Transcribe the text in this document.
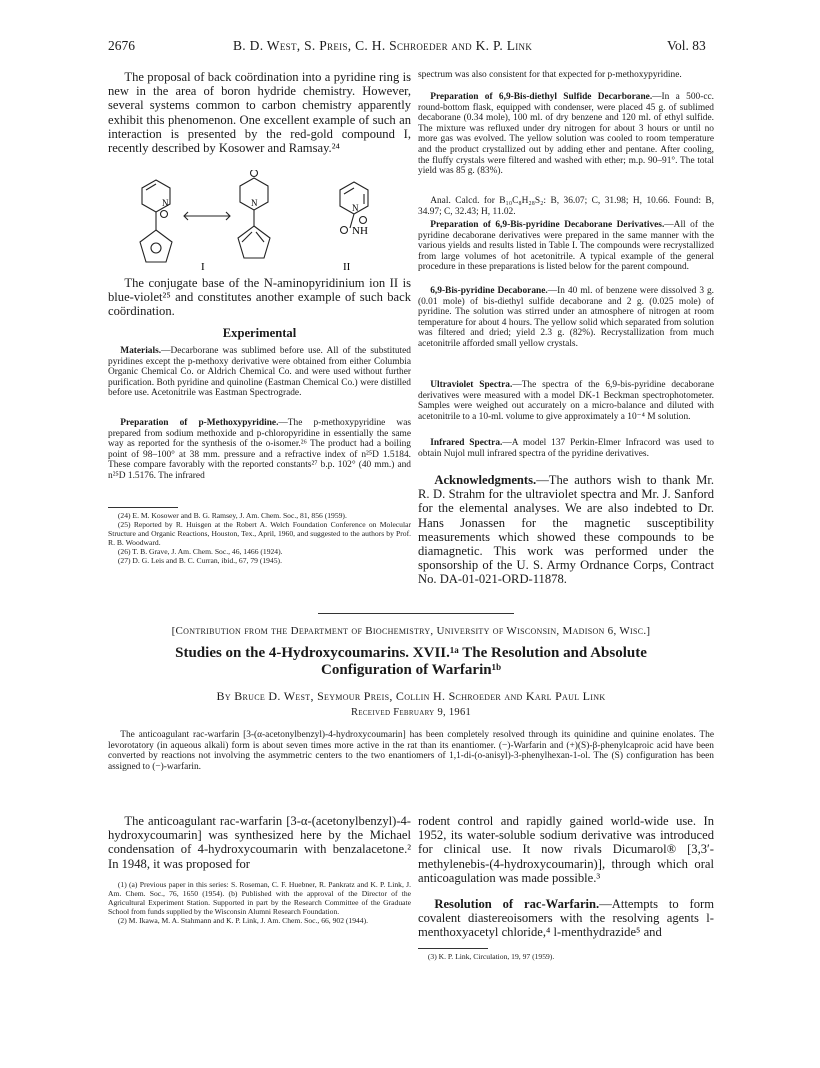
2676	B. D. West, S. Preis, C. H. Schroeder and K. P. Link	Vol. 83

The proposal of back coördination into a pyridine ring is new in the area of boron hydride chemistry. However, several systems common to carbon chemistry apparently exhibit this phenomenon. One excellent example of such an interaction is presented by the red-gold compound I, recently described by Kosower and Ramsay.²⁴

N	N	N
NH
I	II

The conjugate base of the N-aminopyridinium ion II is blue-violet²⁵ and constitutes another example of such back coördination.

Experimental

Materials.—Decarborane was sublimed before use. All of the substituted pyridines except the p-methoxy derivative were obtained from either Columbia Organic Chemical Co. or Aldrich Chemical Co. and were used without further purification. Both pyridine and quinoline (Eastman Chemical Co.) were distilled before use. Acetonitrile was Eastman Spectrograde.

Preparation of p-Methoxypyridine.—The p-methoxypyridine was prepared from sodium methoxide and p-chloropyridine in essentially the same way as reported for the synthesis of the o-isomer.²⁶ The product had a boiling point of 98–100° at 38 mm. pressure and a refractive index of n²⁵D 1.5184. These compare favorably with the reported constants²⁷ b.p. 102° (40 mm.) and n²⁵D 1.5176. The infrared

(24) E. M. Kosower and B. G. Ramsey, J. Am. Chem. Soc., 81, 856 (1959).

(25) Reported by R. Huisgen at the Robert A. Welch Foundation Conference on Molecular Structure and Organic Reactions, Houston, Tex., April, 1960, and suggested to the authors by Prof. R. B. Woodward.

(26) T. B. Grave, J. Am. Chem. Soc., 46, 1466 (1924).

(27) D. G. Leis and B. C. Curran, ibid., 67, 79 (1945).

spectrum was also consistent for that expected for p-methoxypyridine.

Preparation of 6,9-Bis-diethyl Sulfide Decarborane.—In a 500-cc. round-bottom flask, equipped with condenser, were placed 45 g. of sublimed decaborane (0.34 mole), 100 ml. of dry benzene and 120 ml. of ethyl sulfide. The mixture was refluxed under dry nitrogen for about 3 hours or until no more gas was evolved. The yellow solution was cooled to room temperature and the product crystallized out by adding ether and pentane. After cooling, the fluffy crystals were filtered and washed with ether; m.p. 90–91°. The total yield was 85 g. (83%).

Anal. Calcd. for B₁₀C₈H₂₈S₂: B, 36.07; C, 31.98; H, 10.66. Found: B, 34.97; C, 32.43; H, 11.02.

Preparation of 6,9-Bis-pyridine Decaborane Derivatives.—All of the pyridine decaborane derivatives were prepared in the same manner with the various yields and results listed in Table I. The compounds were recrystallized from large volumes of hot acetonitrile. A typical example of the general procedure in these preparations is listed below for the parent compound.

6,9-Bis-pyridine Decaborane.—In 40 ml. of benzene were dissolved 3 g. (0.01 mole) of bis-diethyl sulfide decaborane and 2 g. (0.025 mole) of pyridine. The solution was stirred under an atmosphere of nitrogen at room temperature for about 4 hours. The yellow solid which separated from solution was filtered and dried; yield 2.3 g. (82%). Recrystallization from much acetonitrile afforded small yellow crystals.

Ultraviolet Spectra.—The spectra of the 6,9-bis-pyridine decaborane derivatives were measured with a model DK-1 Beckman spectrophotometer. Samples were weighed out accurately on a micro-balance and diluted with acetonitrile to a 10-ml. volume to give approximately a 10⁻⁴ M solution.

Infrared Spectra.—A model 137 Perkin-Elmer Infracord was used to obtain Nujol mull infrared spectra of the pyridine derivatives.

Acknowledgments.—The authors wish to thank Mr. R. D. Strahm for the ultraviolet spectra and Mr. J. Sanford for the elemental analyses. We are also indebted to Dr. Hans Jonassen for the magnetic susceptibility measurements which showed these compounds to be diamagnetic. This work was performed under the sponsorship of the U. S. Army Ordnance Corps, Contract No. DA-01-021-ORD-11878.

[Contribution from the Department of Biochemistry, University of Wisconsin, Madison 6, Wisc.]
Studies on the 4-Hydroxycoumarins. XVII.¹ᵃ The Resolution and Absolute
Configuration of Warfarin¹ᵇ
By Bruce D. West, Seymour Preis, Collin H. Schroeder and Karl Paul Link
Received February 9, 1961

The anticoagulant rac-warfarin [3-(α-acetonylbenzyl)-4-hydroxycoumarin] has been completely resolved through its quinidine and quinine enolates. The levorotatory (in aqueous alkali) form is about seven times more active in the rat than its enantiomer. (−)-Warfarin and (+)(S)-β-phenylcaproic acid have been converted by reactions not involving the asymmetric centers to the two enantiomers of 1,1-di-(o-anisyl)-3-phenylhexan-1-ol. The (S) configuration has been assigned to (−)-warfarin.

The anticoagulant rac-warfarin [3-α-(acetonylbenzyl)-4-hydroxycoumarin] was synthesized here by the Michael condensation of 4-hydroxycoumarin with benzalacetone.² In 1948, it was proposed for

(1) (a) Previous paper in this series: S. Roseman, C. F. Huebner, R. Pankratz and K. P. Link, J. Am. Chem. Soc., 76, 1650 (1954). (b) Published with the approval of the Director of the Agricultural Experiment Station. Supported in part by the Research Committee of the Graduate School from funds supplied by the Wisconsin Alumni Research Foundation.

(2) M. Ikawa, M. A. Stahmann and K. P. Link, J. Am. Chem. Soc., 66, 902 (1944).

rodent control and rapidly gained world-wide use. In 1952, its water-soluble sodium derivative was introduced for clinical use. It now rivals Dicumarol® [3,3′-methylenebis-(4-hydroxycoumarin)], through which oral anticoagulation was made possible.³

Resolution of rac-Warfarin.—Attempts to form covalent diastereoisomers with the resolving agents l-menthoxyacetyl chloride,⁴ l-menthydrazide⁵ and

(3) K. P. Link, Circulation, 19, 97 (1959).
